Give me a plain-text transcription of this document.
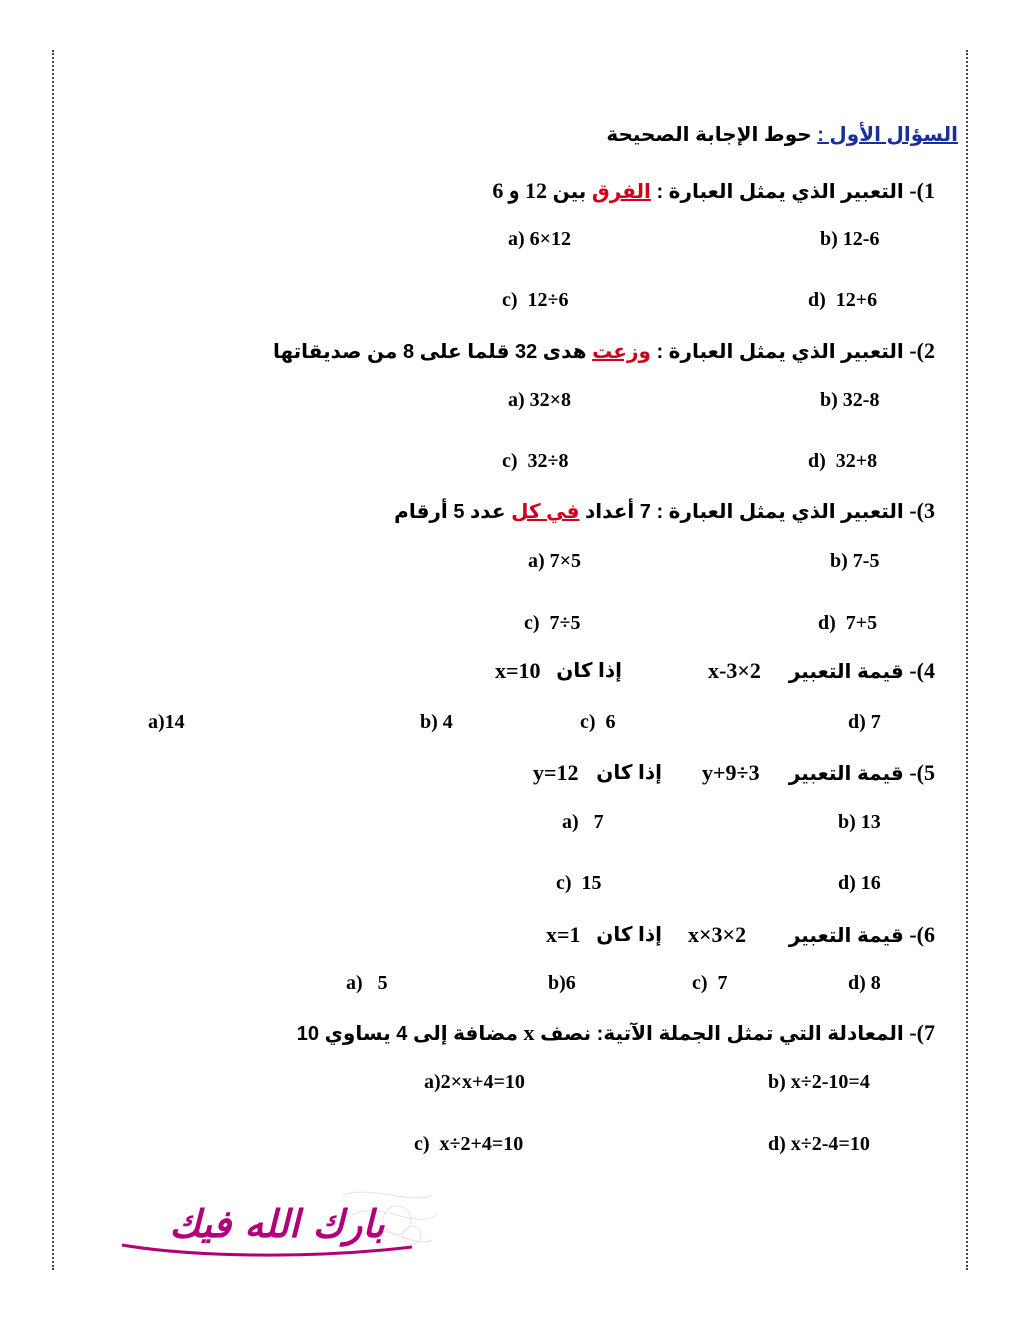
السؤال الأول : حوط الإجابة الصحيحة
1)- التعبير الذي يمثل العبارة : الفرق بين 12 و 6
a) 6×12	b) 12-6
c)  12÷6	d)  12+6
2)- التعبير الذي يمثل العبارة : وزعت هدى 32 قلما على 8 من صديقاتها
a) 32×8	b) 32-8
c)  32÷8	d)  32+8
3)- التعبير الذي يمثل العبارة : 7 أعداد في كل عدد 5 أرقام
a) 7×5	b) 7-5
c)  7÷5	d)  7+5
4)- قيمة التعبير
x-3×2
إذا كان
x=10
a)14	b) 4	c)  6	d) 7
5)- قيمة التعبير
y+9÷3
إذا كان
y=12
a)   7	b) 13
c)  15	d) 16
6)- قيمة التعبير
x×3×2
إذا كان
x=1
a)   5	b)6	c)  7	d) 8
7)- المعادلة التي تمثل الجملة الآتية: نصف x مضافة إلى 4 يساوي 10
a)2×x+4=10	b) x÷2-10=4
c)  x÷2+4=10	d) x÷2-4=10
بارك الله فيك
